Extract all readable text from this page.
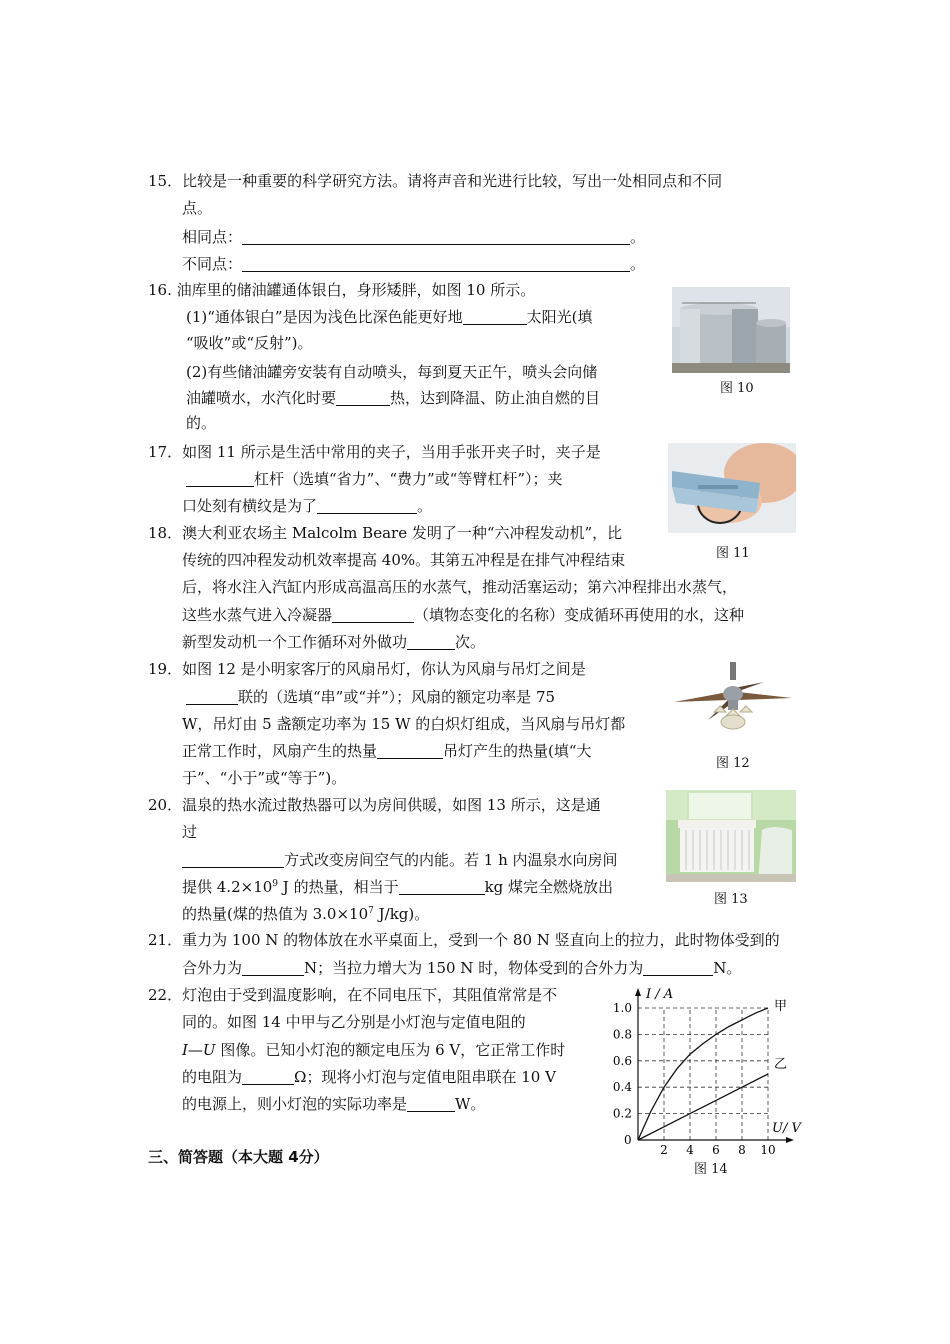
15．比较是一种重要的科学研究方法。请将声音和光进行比较，写出一处相同点和不同
点。
相同点：	。
不同点：	。
16. 油库里的储油罐通体银白，身形矮胖，如图 10 所示。
(1)“通体银白”是因为浅色比深色能更好地	太阳光(填
“吸收”或“反射”)。
(2)有些储油罐旁安装有自动喷头，每到夏天正午，喷头会向储
油罐喷水，水汽化时要	热，达到降温、防止油自燃的目
的。
图 10
17．如图 11 所示是生活中常用的夹子，当用手张开夹子时，夹子是
杠杆（选填“省力”、“费力”或“等臂杠杆”）；夹
口处刻有横纹是为了	。
图 11
18．澳大利亚农场主 Malcolm Beare 发明了一种“六冲程发动机”，比
传统的四冲程发动机效率提高 40%。其第五冲程是在排气冲程结束
后，将水注入汽缸内形成高温高压的水蒸气，推动活塞运动；第六冲程排出水蒸气，
这些水蒸气进入冷凝器	（填物态变化的名称）变成循环再使用的水，这种
新型发动机一个工作循环对外做功	次。
19．如图 12 是小明家客厅的风扇吊灯，你认为风扇与吊灯之间是
联的（选填“串”或“并”）；风扇的额定功率是 75
W，吊灯由 5 盏额定功率为 15 W 的白炽灯组成，当风扇与吊灯都
正常工作时，风扇产生的热量	吊灯产生的热量(填“大
于”、“小于”或“等于”)。
图 12
20．温泉的热水流过散热器可以为房间供暖，如图 13 所示，这是通
过
方式改变房间空气的内能。若 1 h 内温泉水向房间
提供 $4.2\times 10^9$ J 的热量，相当于	kg 煤完全燃烧放出
的热量(煤的热值为 $3.0\times 10^7$ J/kg)。
图 13
21．重力为 100 N 的物体放在水平桌面上，受到一个 80 N 竖直向上的拉力，此时物体受到的
合外力为	N；当拉力增大为 150 N 时，物体受到的合外力为	N。
22．灯泡由于受到温度影响，在不同电压下，其阻值常常是不
同的。如图 14 中甲与乙分别是小灯泡与定值电阻的
I—U 图像。已知小灯泡的额定电压为 6 V，它正常工作时
的电阻为	Ω；现将小灯泡与定值电阻串联在 10 V
的电源上，则小灯泡的实际功率是	W。
2 4 6 8 10
0.2
0.4
0.6
0.8
1.0	甲
乙
I / A
U/ V
0
图 14
三、简答题（本大题 4分）
